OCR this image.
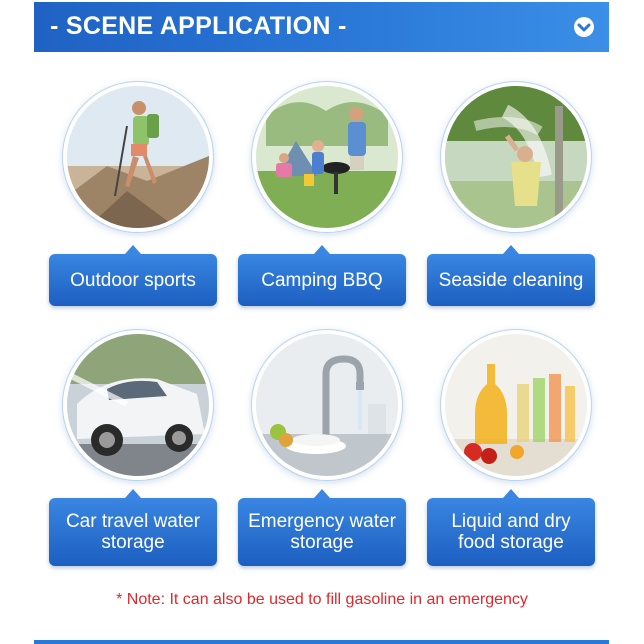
- SCENE APPLICATION -
Outdoor sports	Camping BBQ	Seaside cleaning
Car travel water storage
Emergency water storage
Liquid and dry food storage
* Note: It can also be used to fill gasoline in an emergency
